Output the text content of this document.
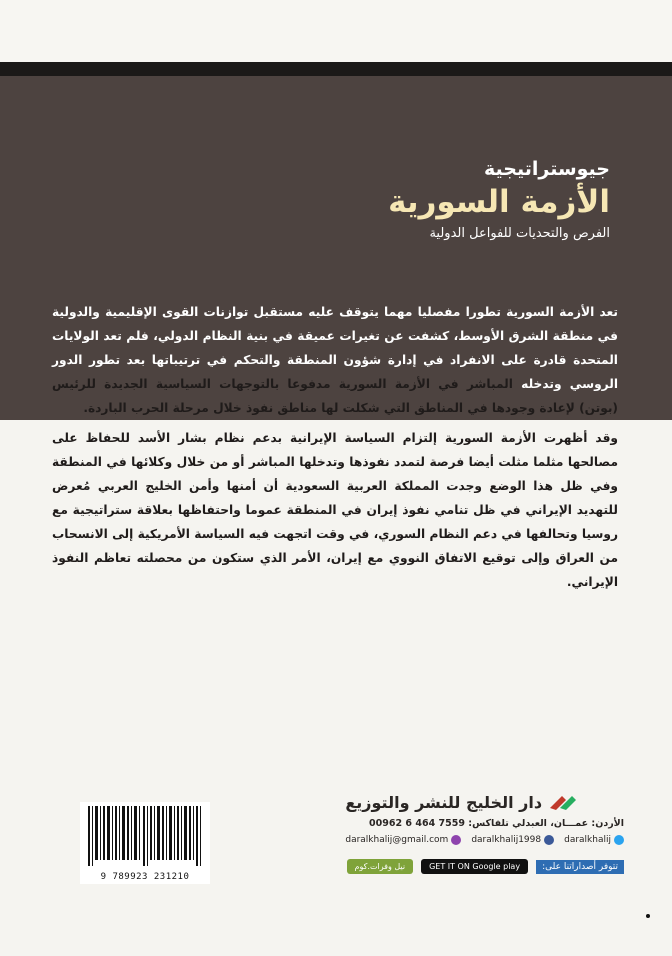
جيوستراتيجية
الأزمة السورية
الفرص والتحديات للفواعل الدولية
تعد الأزمة السورية تطورا مفصليا مهما يتوقف عليه مستقبل توازنات القوى الإقليمية والدولية في منطقة الشرق الأوسط، كشفت عن تغيرات عميقة في بنية النظام الدولي، فلم تعد الولايات المتحدة قادرة على الانفراد في إدارة شؤون المنطقة والتحكم في ترتيباتها بعد تطور الدور الروسي وتدخله المباشر في الأزمة السورية مدفوعا بالتوجهات السياسية الجديدة للرئيس (بوتن) لإعادة وجودها في المناطق التي شكلت لها مناطق نفوذ خلال مرحلة الحرب الباردة.
وقد أظهرت الأزمة السورية إلتزام السياسة الإيرانية بدعم نظام بشار الأسد للحفاظ على مصالحها مثلما مثلت أيضا فرصة لتمدد نفوذها وتدخلها المباشر أو من خلال وكلائها في المنطقة وفي ظل هذا الوضع وجدت المملكة العربية السعودية أن أمنها وأمن الخليج العربي مُعرض للتهديد الإيراني في ظل تنامي نفوذ إيران في المنطقة عموما واحتفاظها بعلاقة ستراتيجية مع روسيا وتحالفها في دعم النظام السوري، في وقت اتجهت فيه السياسة الأمريكية إلى الانسحاب من العراق وإلى توقيع الاتفاق النووي مع إيران، الأمر الذي ستكون من محصلته تعاظم النفوذ الإيراني.
9 789923 231210
دار الخليج للنشر والتوزيع
الأردن: عمـــان، العبدلي تلفاكس: 7559 464 6 00962
daralkhalij
daralkhalij1998
daralkhalij@gmail.com
تتوفر أصداراتنا على:
GET IT ON Google play
نيل وفرات.كوم
